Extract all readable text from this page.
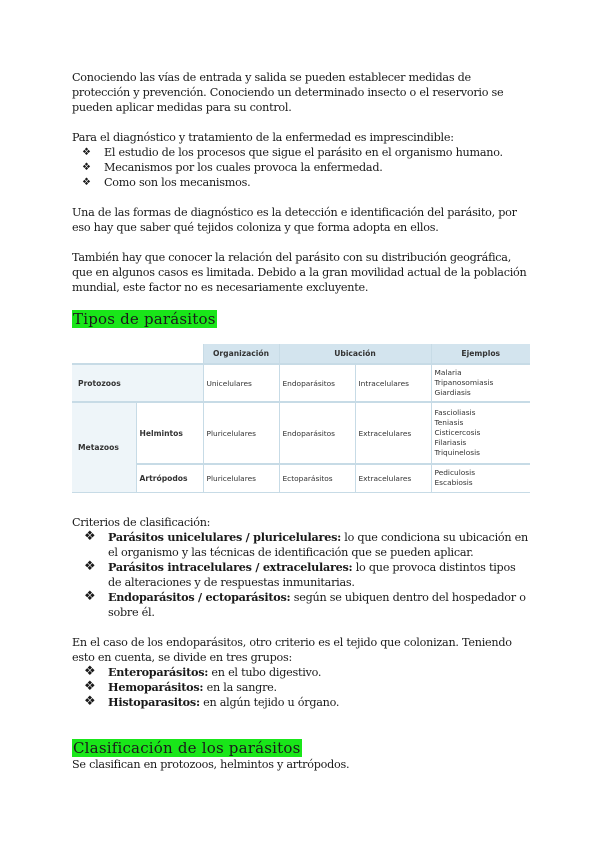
Conociendo las vías de entrada y salida se pueden establecer medidas de protección y prevención. Conociendo un determinado insecto o el reservorio se pueden aplicar medidas para su control.

Para el diagnóstico y tratamiento de la enfermedad es imprescindible:

❖ El estudio de los procesos que sigue el parásito en el organismo humano.
❖ Mecanismos por los cuales provoca la enfermedad.
❖ Como son los mecanismos.

Una de las formas de diagnóstico es la detección e identificación del parásito, por eso hay que saber qué tejidos coloniza y que forma adopta en ellos.

También hay que conocer la relación del parásito con su distribución geográfica, que en algunos casos es limitada. Debido a la gran movilidad actual de la población mundial, este factor no es necesariamente excluyente.

Tipos de parásitos
		Organización	Ubicación		Ejemplos
Protozoos		Unicelulares	Endoparásitos	Intracelulares	Malaria
Tripanosomiasis
Giardiasis

Metazoos	Helmintos	Pluricelulares	Endoparásitos	Extracelulares	Fascioliasis
Teniasis
Cisticercosis
Filariasis
Triquinelosis

	Artrópodos	Pluricelulares	Ectoparásitos	Extracelulares	Pediculosis
Escabiosis

Criterios de clasificación:

❖ Parásitos unicelulares / pluricelulares: lo que condiciona su ubicación en el organismo y las técnicas de identificación que se pueden aplicar.
❖ Parásitos intracelulares / extracelulares: lo que provoca distintos tipos de alteraciones y de respuestas inmunitarias.
❖ Endoparásitos / ectoparásitos: según se ubiquen dentro del hospedador o sobre él.

En el caso de los endoparásitos, otro criterio es el tejido que colonizan. Teniendo esto en cuenta, se divide en tres grupos:

❖ Enteroparásitos: en el tubo digestivo.
❖ Hemoparásitos: en la sangre.
❖ Histoparasitos: en algún tejido u órgano.
Clasificación de los parásitos

Se clasifican en protozoos, helmintos y artrópodos.
